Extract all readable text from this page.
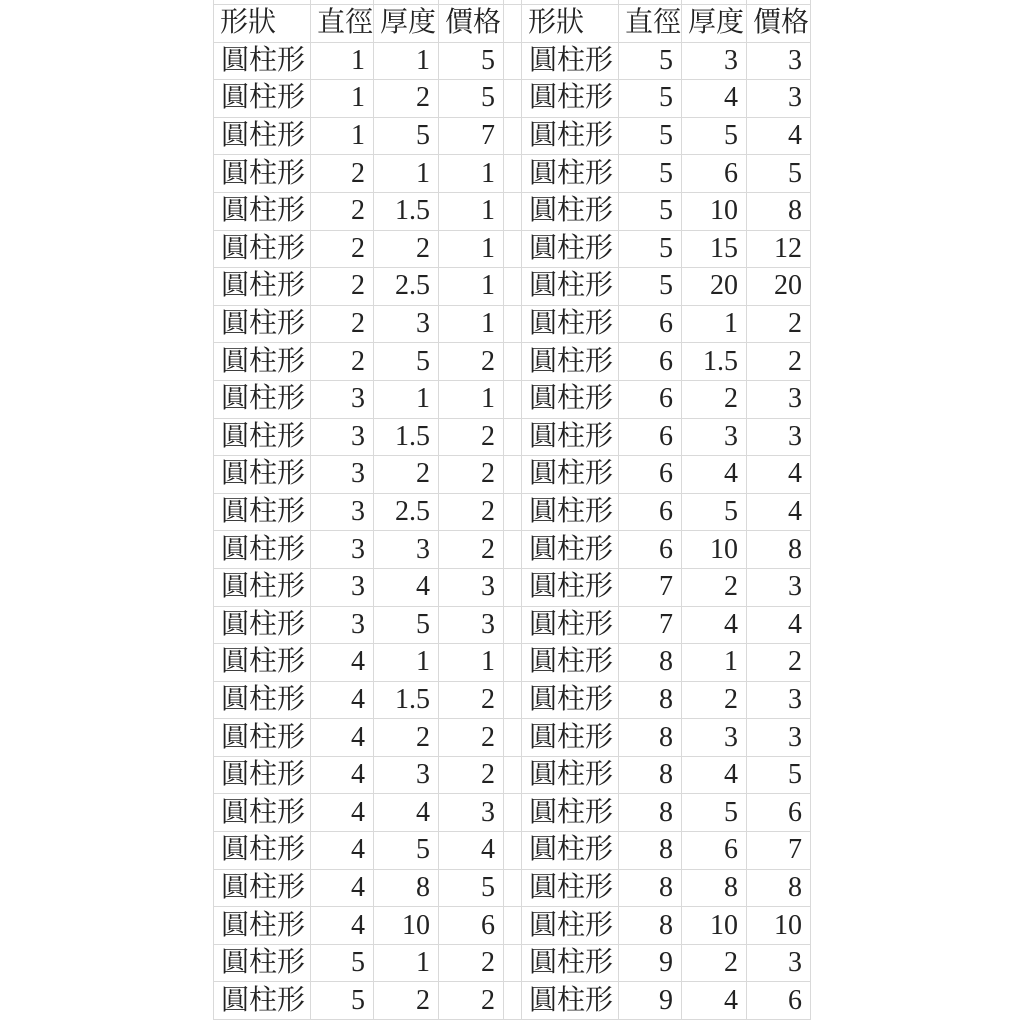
形狀	直徑 厚度 價格 形狀	直徑 厚度 價格
圓柱形	1	1	5	圓柱形	5	3	3
圓柱形	1	2	5	圓柱形	5	4	3
圓柱形	1	5	7	圓柱形	5	5	4
圓柱形	2	1	1	圓柱形	5	6	5
圓柱形	2	1.5	1	圓柱形	5	10	8
圓柱形	2	2	1	圓柱形	5	15	12
圓柱形	2	2.5	1	圓柱形	5	20	20
圓柱形	2	3	1	圓柱形	6	1	2
圓柱形	2	5	2	圓柱形	6	1.5	2
圓柱形	3	1	1	圓柱形	6	2	3
圓柱形	3	1.5	2	圓柱形	6	3	3
圓柱形	3	2	2	圓柱形	6	4	4
圓柱形	3	2.5	2	圓柱形	6	5	4
圓柱形	3	3	2	圓柱形	6	10	8
圓柱形	3	4	3	圓柱形	7	2	3
圓柱形	3	5	3	圓柱形	7	4	4
圓柱形	4	1	1	圓柱形	8	1	2
圓柱形	4	1.5	2	圓柱形	8	2	3
圓柱形	4	2	2	圓柱形	8	3	3
圓柱形	4	3	2	圓柱形	8	4	5
圓柱形	4	4	3	圓柱形	8	5	6
圓柱形	4	5	4	圓柱形	8	6	7
圓柱形	4	8	5	圓柱形	8	8	8
圓柱形	4	10	6	圓柱形	8	10	10
圓柱形	5	1	2	圓柱形	9	2	3
圓柱形	5	2	2	圓柱形	9	4	6
